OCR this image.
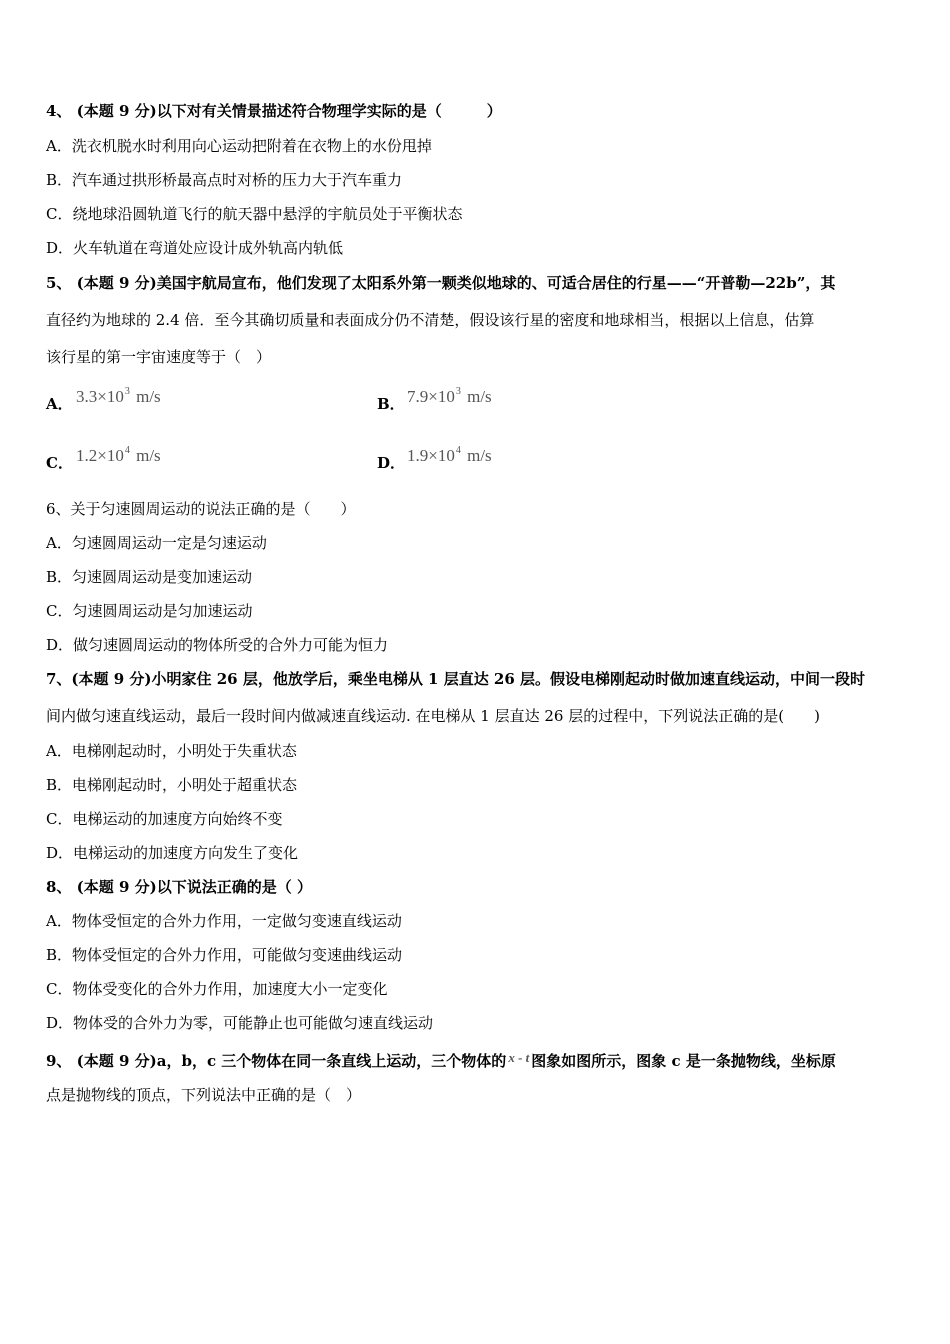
4、 (本题 9 分)以下对有关情景描述符合物理学实际的是（　　　）
A．洗衣机脱水时利用向心运动把附着在衣物上的水份甩掉
B．汽车通过拱形桥最高点时对桥的压力大于汽车重力
C．绕地球沿圆轨道飞行的航天器中悬浮的宇航员处于平衡状态
D．火车轨道在弯道处应设计成外轨高内轨低
5、 (本题 9 分)美国宇航局宣布，他们发现了太阳系外第一颗类似地球的、可适合居住的行星——“开普勒—22b”，其
直径约为地球的 2.4 倍．至今其确切质量和表面成分仍不清楚，假设该行星的密度和地球相当，根据以上信息，估算
该行星的第一宇宙速度等于（　）
A． $3.3\times 10^3$ m/s	B． $7.9\times 10^3$ m/s
C． $1.2\times 10^4$ m/s	D． $1.9\times 10^4$ m/s
6、关于匀速圆周运动的说法正确的是（　　）
A．匀速圆周运动一定是匀速运动
B．匀速圆周运动是变加速运动
C．匀速圆周运动是匀加速运动
D．做匀速圆周运动的物体所受的合外力可能为恒力
7、(本题 9 分)小明家住 26 层，他放学后，乘坐电梯从 1 层直达 26 层。假设电梯刚起动时做加速直线运动，中间一段时
间内做匀速直线运动，最后一段时间内做减速直线运动. 在电梯从 1 层直达 26 层的过程中，下列说法正确的是(　　)
A．电梯刚起动时，小明处于失重状态
B．电梯刚起动时，小明处于超重状态
C．电梯运动的加速度方向始终不变
D．电梯运动的加速度方向发生了变化
8、 (本题 9 分)以下说法正确的是（ ）
A．物体受恒定的合外力作用，一定做匀变速直线运动
B．物体受恒定的合外力作用，可能做匀变速曲线运动
C．物体受变化的合外力作用，加速度大小一定变化
D．物体受的合外力为零，可能静止也可能做匀速直线运动
9、 (本题 9 分)a，b，c 三个物体在同一条直线上运动，三个物体的 x - t 图象如图所示，图象 c 是一条抛物线，坐标原
点是抛物线的顶点，下列说法中正确的是（　）
